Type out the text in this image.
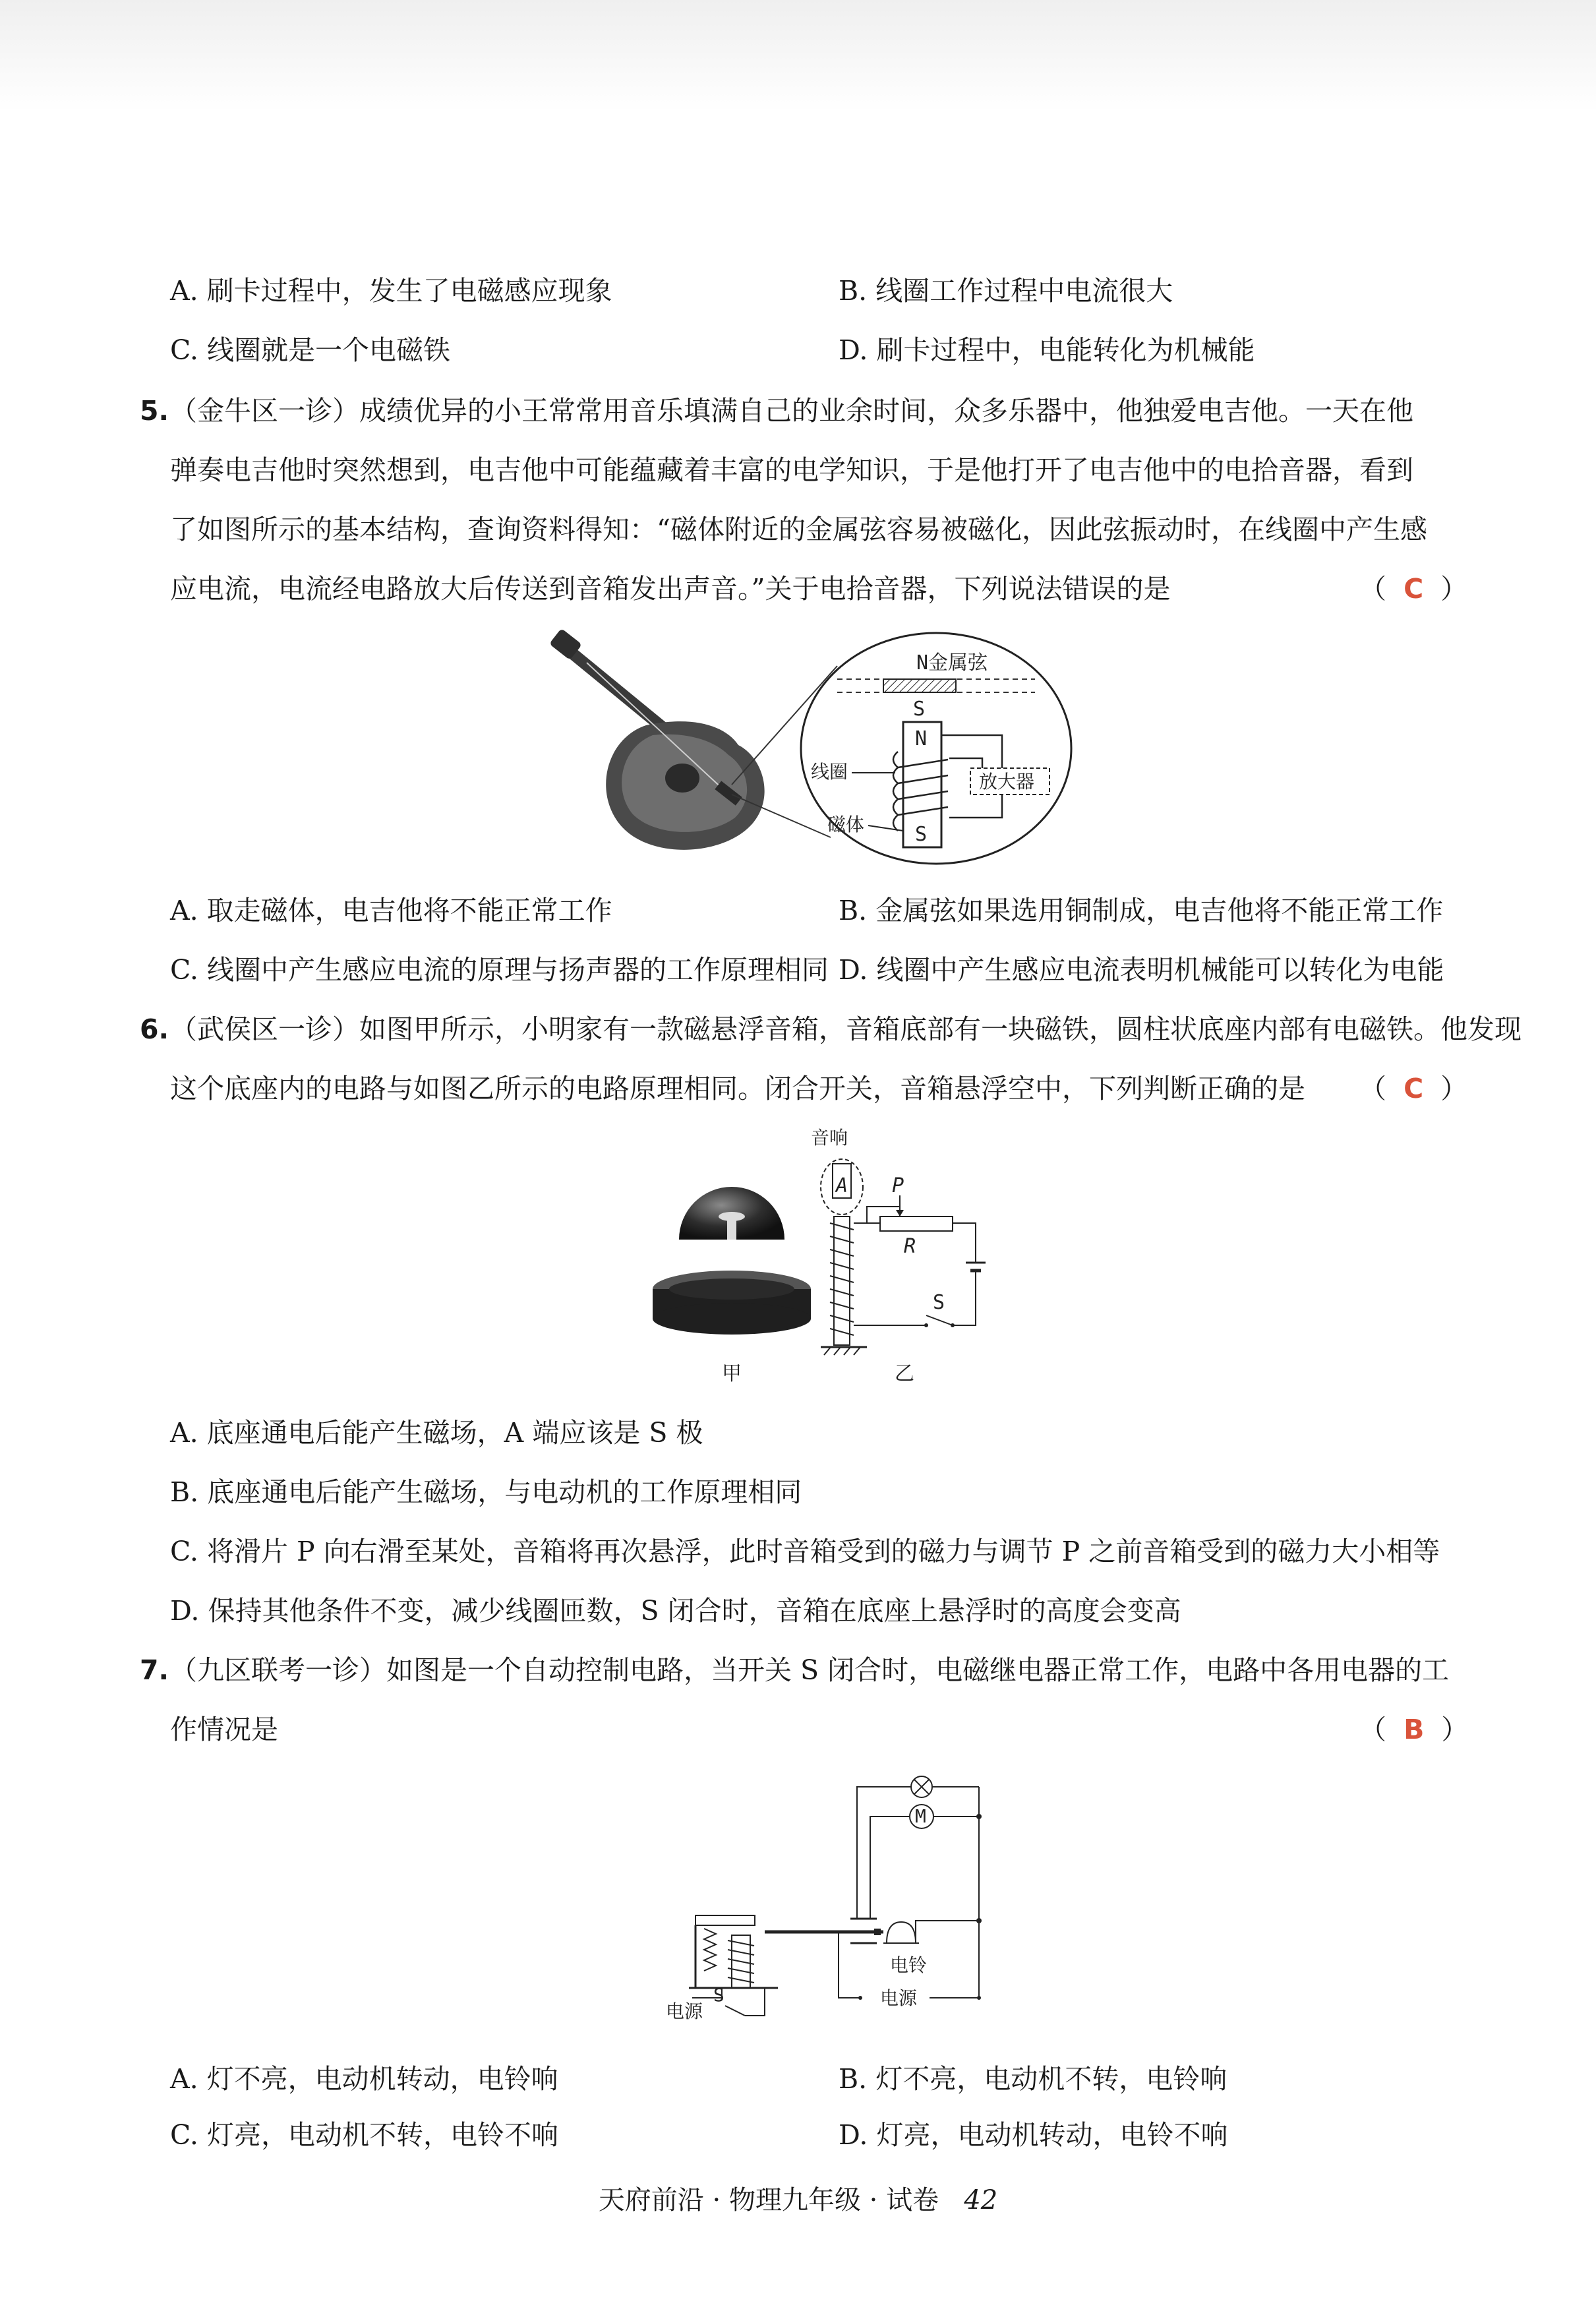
A. 刷卡过程中，发生了电磁感应现象	B. 线圈工作过程中电流很大
C. 线圈就是一个电磁铁	D. 刷卡过程中，电能转化为机械能
5. （金牛区一诊）成绩优异的小王常常用音乐填满自己的业余时间，众多乐器中，他独爱电吉他。一天在他
弹奏电吉他时突然想到，电吉他中可能蕴藏着丰富的电学知识，于是他打开了电吉他中的电拾音器，看到
了如图所示的基本结构，查询资料得知：“磁体附近的金属弦容易被磁化，因此弦振动时，在线圈中产生感
应电流，电流经电路放大后传送到音箱发出声音。”关于电拾音器，下列说法错误的是	（  C  ）
N金属弦
S
N
S
放大器
线圈
磁体
A. 取走磁体，电吉他将不能正常工作	B. 金属弦如果选用铜制成，电吉他将不能正常工作
C. 线圈中产生感应电流的原理与扬声器的工作原理相同 D. 线圈中产生感应电流表明机械能可以转化为电能
6. （武侯区一诊）如图甲所示，小明家有一款磁悬浮音箱，音箱底部有一块磁铁，圆柱状底座内部有电磁铁。他发现
这个底座内的电路与如图乙所示的电路原理相同。闭合开关，音箱悬浮空中，下列判断正确的是 （  C  ）
甲
音响
A P
R
S
乙
A. 底座通电后能产生磁场，A 端应该是 S 极
B. 底座通电后能产生磁场，与电动机的工作原理相同
C. 将滑片 P 向右滑至某处，音箱将再次悬浮，此时音箱受到的磁力与调节 P 之前音箱受到的磁力大小相等
D. 保持其他条件不变，减少线圈匝数，S 闭合时，音箱在底座上悬浮时的高度会变高
7. （九区联考一诊）如图是一个自动控制电路，当开关 S 闭合时，电磁继电器正常工作，电路中各用电器的工
作情况是	（  B  ）
M
电铃
电源
S	电源
A. 灯不亮，电动机转动，电铃响	B. 灯不亮，电动机不转，电铃响
C. 灯亮，电动机不转，电铃不响	D. 灯亮，电动机转动，电铃不响
天府前沿 · 物理九年级 · 试卷 42
